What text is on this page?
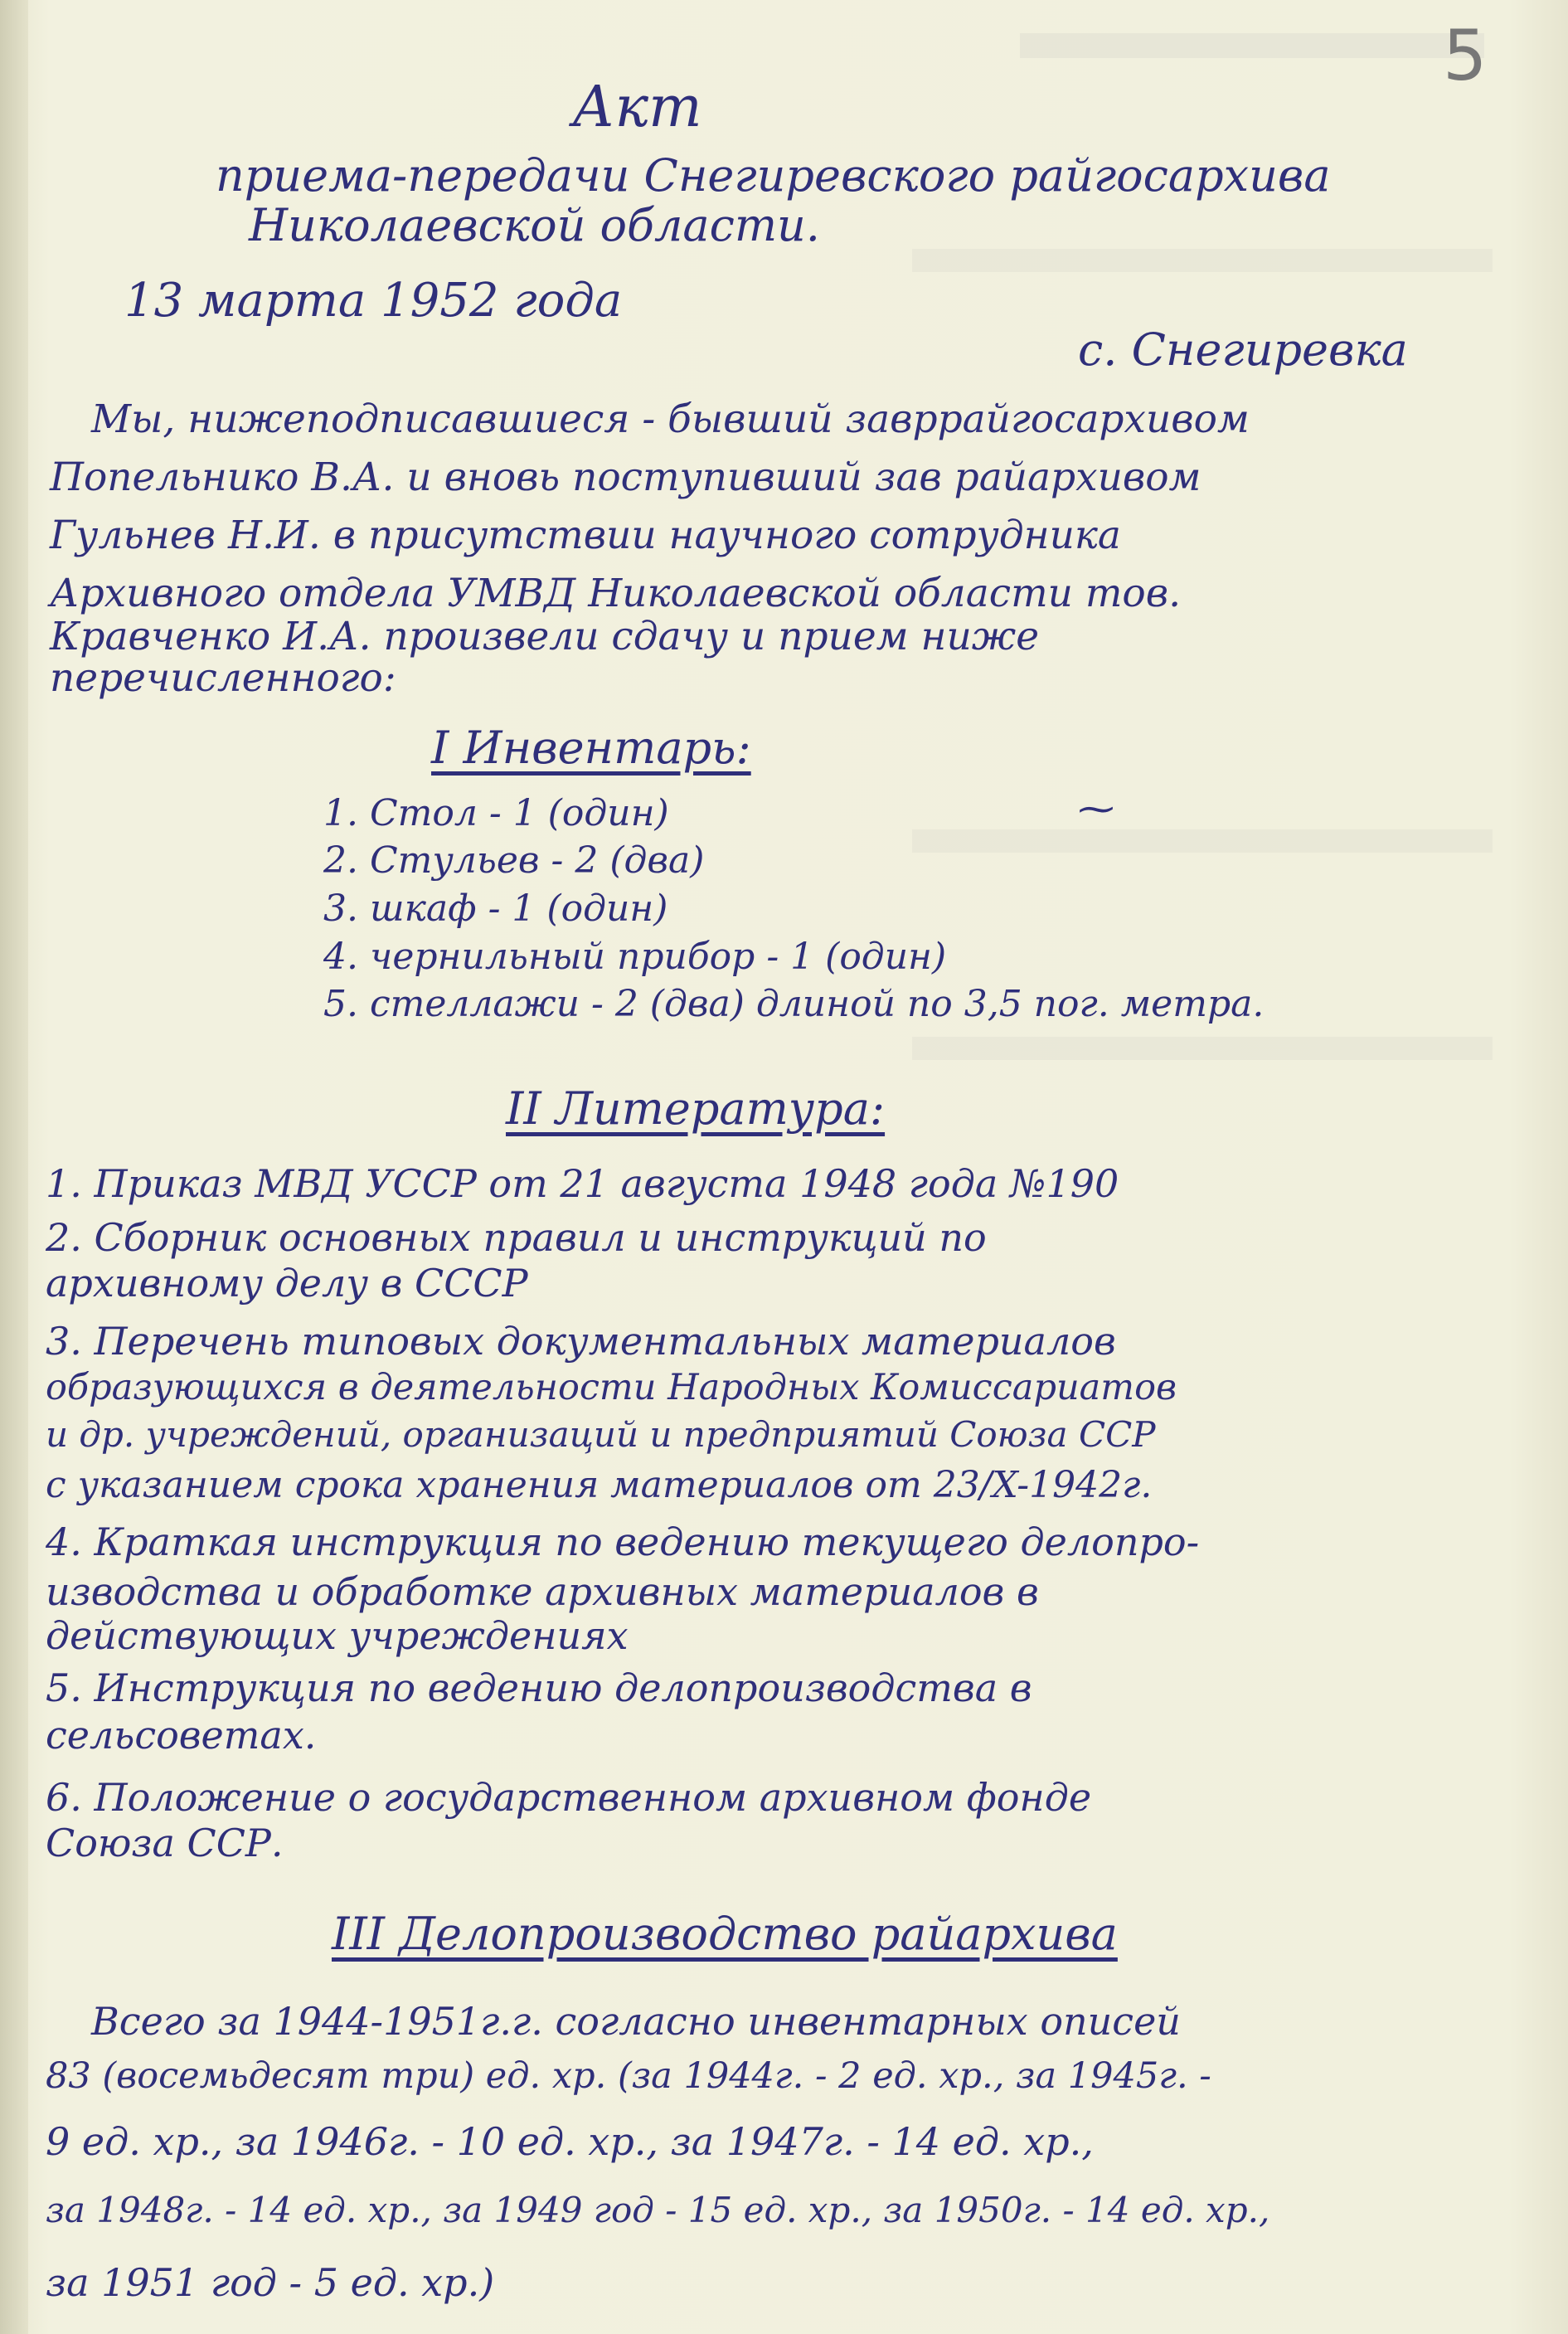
5
Акт
приема-передачи Снегиревского райгосархива
Николаевской области.
13 марта 1952 года
с. Снегиревка
Мы, нижеподписавшиеся - бывший завррайгосархивом
Попельнико В.А. и вновь поступивший зав райархивом
Гульнев Н.И. в присутствии научного сотрудника
Архивного отдела УМВД Николаевской области тов.
Кравченко И.А. произвели сдачу и прием ниже
перечисленного:
I Инвентарь:
⁓
1. Стол - 1 (один)
2. Стульев - 2 (два)
3. шкаф - 1 (один)
4. чернильный прибор - 1 (один)
5. стеллажи - 2 (два) длиной по 3,5 пог. метра.
II Литература:
1. Приказ МВД УССР от 21 августа 1948 года №190
2. Сборник основных правил и инструкций по
архивному делу в СССР
3. Перечень типовых документальных материалов
образующихся в деятельности Народных Комиссариатов
и др. учреждений, организаций и предприятий Союза ССР
с указанием срока хранения материалов от 23/X-1942г.
4. Краткая инструкция по ведению текущего делопро-
изводства и обработке архивных материалов в
действующих учреждениях
5. Инструкция по ведению делопроизводства в
сельсоветах.
6. Положение о государственном архивном фонде
Союза ССР.
III Делопроизводство райархива
Всего за 1944-1951г.г. согласно инвентарных описей
83 (восемьдесят три) ед. хр. (за 1944г. - 2 ед. хр., за 1945г. -
9 ед. хр., за 1946г. - 10 ед. хр., за 1947г. - 14 ед. хр.,
за 1948г. - 14 ед. хр., за 1949 год - 15 ед. хр., за 1950г. - 14 ед. хр.,
за 1951 год - 5 ед. хр.)
